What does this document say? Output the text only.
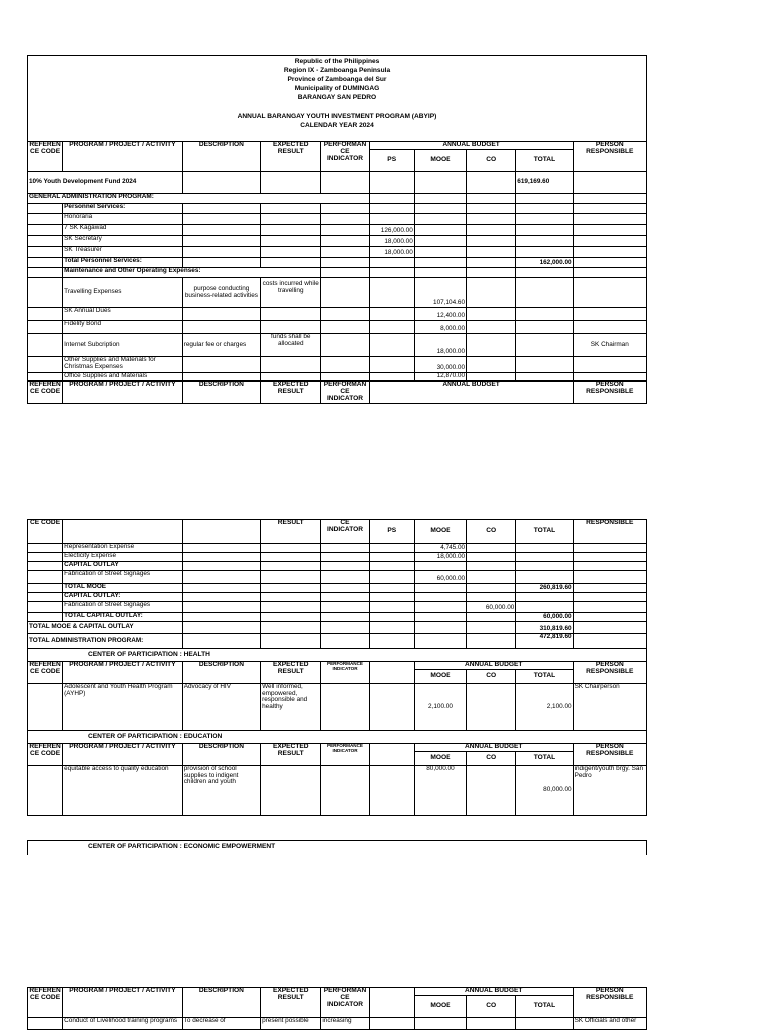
Republic of the Philippines
Region IX - Zamboanga Peninsula
Province of Zamboanga del Sur
Municipality of DUMINGAG
BARANGAY SAN PEDRO
ANNUAL BARANGAY YOUTH INVESTMENT PROGRAM (ABYIP)
CALENDAR YEAR 2024
REFEREN CE CODE	PROGRAM / PROJECT / ACTIVITY	DESCRIPTION	EXPECTED RESULT	PERFORMAN CE INDICATOR	ANNUAL BUDGET				PERSON RESPONSIBLE
					PS	MOOE	CO	TOTAL	
10% Youth Development Fund 2024								619,169.60	
GENERAL ADMINISTRATION PROGRAM:									
	Personnel Services:								
	Honoraria								
	7 SK Kagawad				126,000.00				
	SK Secretary				18,000.00				
	SK Treasurer				18,000.00				
	Total Personnel Services:							162,000.00	
	Maintenance and Other Operating Expenses:								
	Travelling Expenses	purpose conducting business-related activities	costs incurred while travelling			107,104.60			
	SK Annual Dues					12,400.00			
	Fidelity Bond					8,000.00			
	Internet Subcription	regular fee or charges	funds shall be allocated			18,000.00			SK Chairman
	Other Supplies and Materials for Christmas Expenses					30,000.00			
	Office Supplies and Materials					12,870.00			
REFEREN CE CODE	PROGRAM / PROJECT / ACTIVITY	DESCRIPTION	EXPECTED RESULT	PERFORMAN CE INDICATOR	ANNUAL BUDGET	PERSON RESPONSIBLE
CE CODE			RESULT	CE INDICATOR	PS	MOOE	CO	TOTAL	RESPONSIBLE
	Representation Expense					4,745.00			
	Electicity Expense					18,000.00			
	CAPITAL OUTLAY								
	Fabrication of Street Signages					60,000.00			
	TOTAL MOOE							260,819.60	
	CAPITAL OUTLAY:								
	Fabrication of Street Signages						60,000.00		
	TOTAL CAPITAL OUTLAY:							60,000.00	
TOTAL MOOE & CAPITAL OUTLAY								310,819.60	
TOTAL ADMINISTRATION PROGRAM:								472,819.60	
CENTER OF PARTICIPATION : HEALTH									
REFEREN CE CODE	PROGRAM / PROJECT / ACTIVITY	DESCRIPTION	EXPECTED RESULT	PERFORMANCE INDICATOR		ANNUAL BUDGET			PERSON RESPONSIBLE
						MOOE	CO	TOTAL	
	Adolescent and Youth Health Program (AYHP)	Advocacy of HIV	Well informed, empowered, responsible and healthy			2,100.00		2,100.00	SK Chairperson
CENTER OF PARTICIPATION : EDUCATION									
REFEREN CE CODE	PROGRAM / PROJECT / ACTIVITY	DESCRIPTION	EXPECTED RESULT	PERFORMANCE INDICATOR		ANNUAL BUDGET			PERSON RESPONSIBLE
						MOOE	CO	TOTAL	
	equitable access to quality education	provision of school supplies to indigent children and youth				80,000.00		80,000.00	indigent/youth brgy. San Pedro
CENTER OF PARTICIPATION : ECONOMIC EMPOWERMENT
REFEREN CE CODE	PROGRAM / PROJECT / ACTIVITY	DESCRIPTION	EXPECTED RESULT	PERFORMAN CE INDICATOR		ANNUAL BUDGET			PERSON RESPONSIBLE
						MOOE	CO	TOTAL	
	Conduct of Livelihood training programs	To decrease of	present possible	increasing					SK Officials and other
